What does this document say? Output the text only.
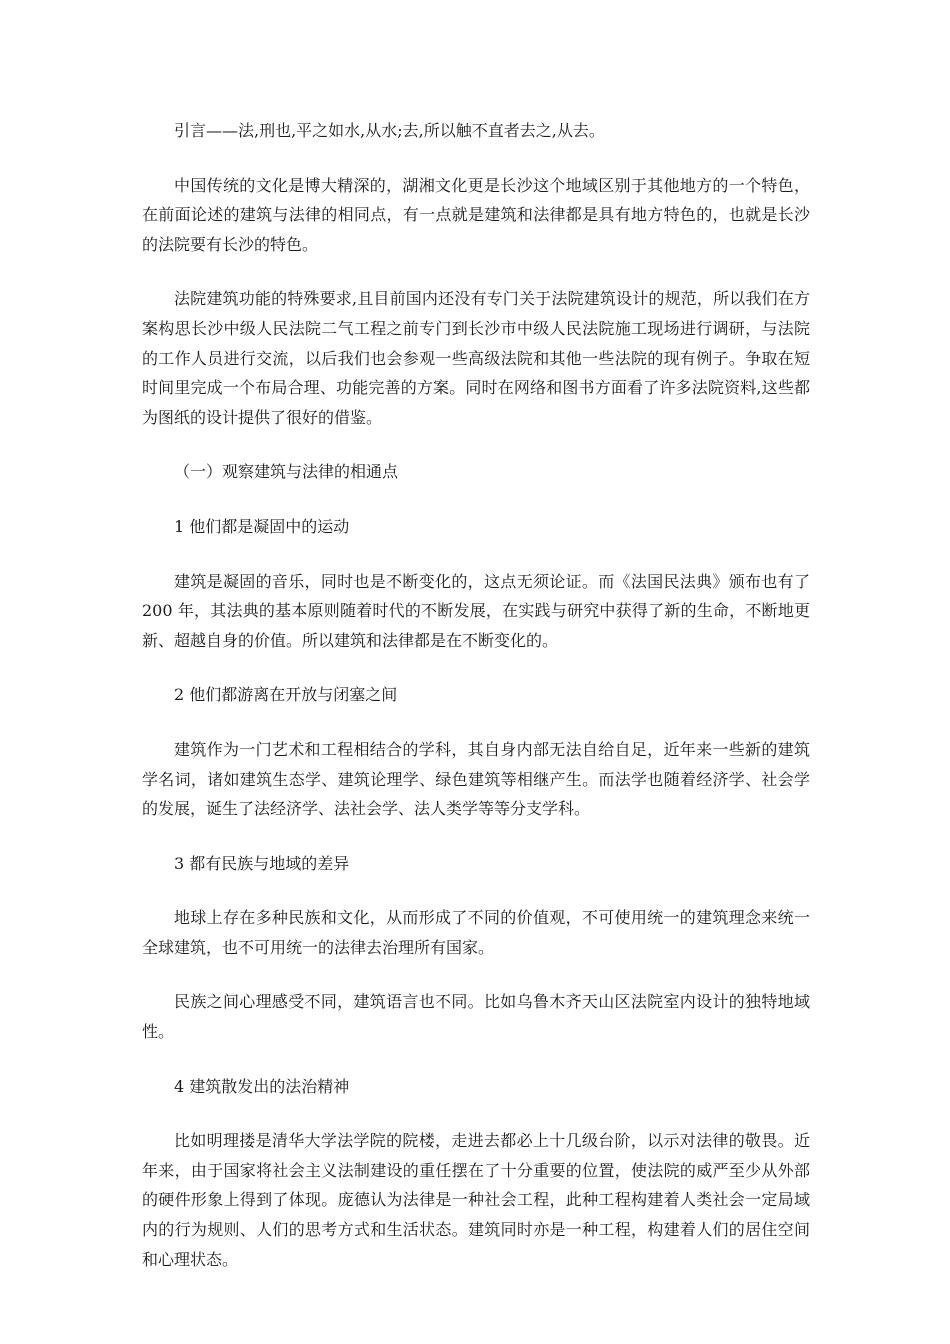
引言——法,刑也,平之如水,从水;去,所以触不直者去之,从去。

中国传统的文化是博大精深的，湖湘文化更是长沙这个地域区别于其他地方的一个特色，在前面论述的建筑与法律的相同点，有一点就是建筑和法律都是具有地方特色的，也就是长沙的法院要有长沙的特色。

法院建筑功能的特殊要求,且目前国内还没有专门关于法院建筑设计的规范，所以我们在方案构思长沙中级人民法院二气工程之前专门到长沙市中级人民法院施工现场进行调研，与法院的工作人员进行交流，以后我们也会参观一些高级法院和其他一些法院的现有例子。争取在短时间里完成一个布局合理、功能完善的方案。同时在网络和图书方面看了许多法院资料,这些都为图纸的设计提供了很好的借鉴。

（一）观察建筑与法律的相通点

1 他们都是凝固中的运动

建筑是凝固的音乐，同时也是不断变化的，这点无须论证。而《法国民法典》颁布也有了 200 年，其法典的基本原则随着时代的不断发展，在实践与研究中获得了新的生命，不断地更新、超越自身的价值。所以建筑和法律都是在不断变化的。

2 他们都游离在开放与闭塞之间

建筑作为一门艺术和工程相结合的学科，其自身内部无法自给自足，近年来一些新的建筑学名词，诸如建筑生态学、建筑论理学、绿色建筑等相继产生。而法学也随着经济学、社会学的发展，诞生了法经济学、法社会学、法人类学等等分支学科。

3 都有民族与地域的差异

地球上存在多种民族和文化，从而形成了不同的价值观，不可使用统一的建筑理念来统一全球建筑，也不可用统一的法律去治理所有国家。

民族之间心理感受不同，建筑语言也不同。比如乌鲁木齐天山区法院室内设计的独特地域性。

4 建筑散发出的法治精神

比如明理搂是清华大学法学院的院楼，走进去都必上十几级台阶，以示对法律的敬畏。近年来，由于国家将社会主义法制建设的重任摆在了十分重要的位置，使法院的威严至少从外部的硬件形象上得到了体现。庞德认为法律是一种社会工程，此种工程构建着人类社会一定局域内的行为规则、人们的思考方式和生活状态。建筑同时亦是一种工程，构建着人们的居住空间和心理状态。
